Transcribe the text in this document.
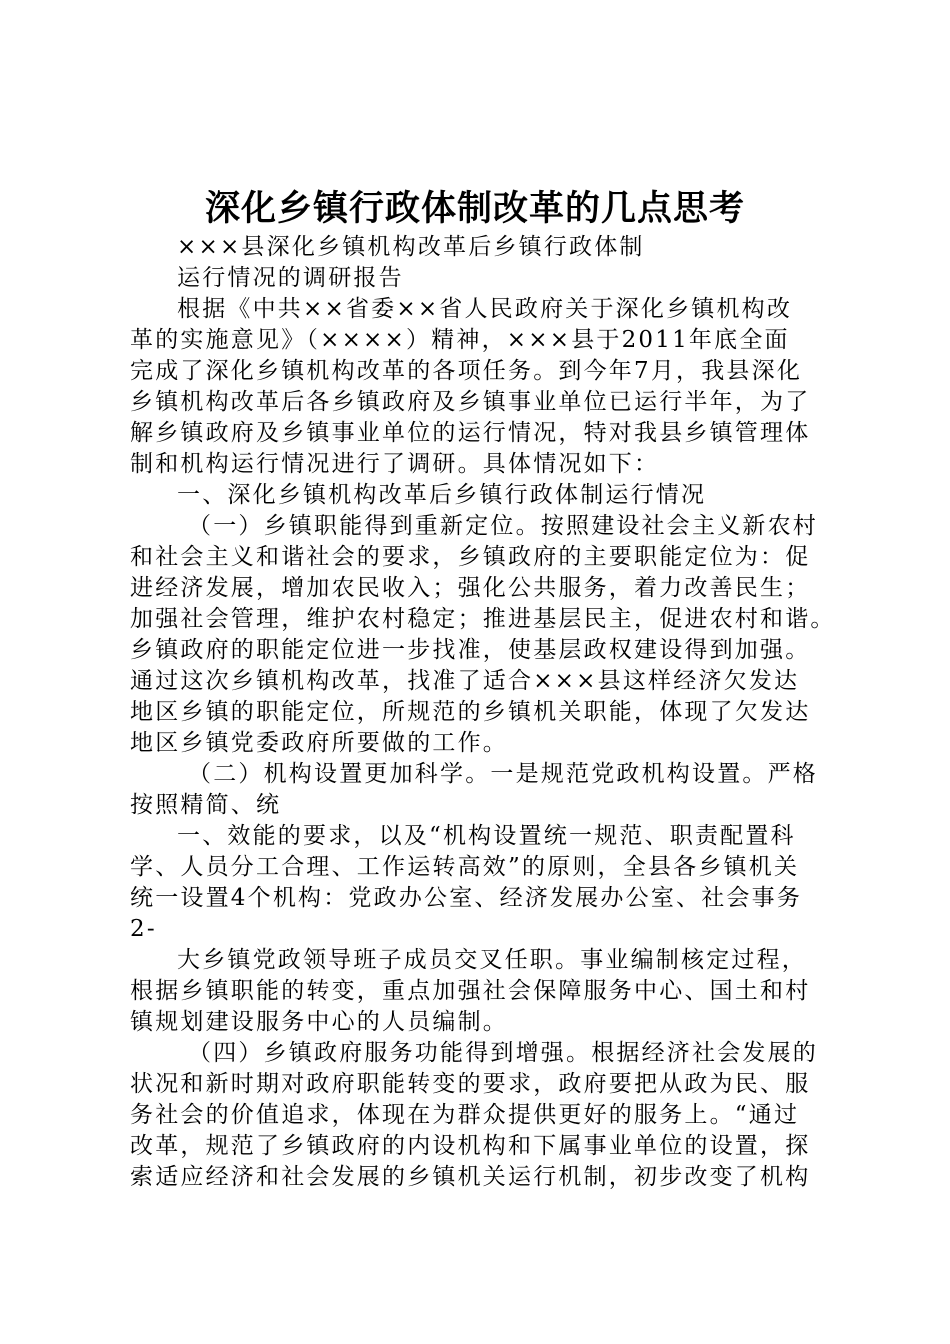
深化乡镇行政体制改革的几点思考
×××县深化乡镇机构改革后乡镇行政体制
运行情况的调研报告
根据《中共××省委××省人民政府关于深化乡镇机构改
革的实施意见》（××××）精神，×××县于2011年底全面
完成了深化乡镇机构改革的各项任务。到今年7月，我县深化
乡镇机构改革后各乡镇政府及乡镇事业单位已运行半年，为了
解乡镇政府及乡镇事业单位的运行情况，特对我县乡镇管理体
制和机构运行情况进行了调研。具体情况如下：
一、深化乡镇机构改革后乡镇行政体制运行情况
（一）乡镇职能得到重新定位。按照建设社会主义新农村
和社会主义和谐社会的要求，乡镇政府的主要职能定位为：促
进经济发展，增加农民收入；强化公共服务，着力改善民生；
加强社会管理，维护农村稳定；推进基层民主，促进农村和谐。
乡镇政府的职能定位进一步找准，使基层政权建设得到加强。
通过这次乡镇机构改革，找准了适合×××县这样经济欠发达
地区乡镇的职能定位，所规范的乡镇机关职能，体现了欠发达
地区乡镇党委政府所要做的工作。
（二）机构设置更加科学。一是规范党政机构设置。严格
按照精简、统
一、效能的要求，以及“机构设置统一规范、职责配置科
学、人员分工合理、工作运转高效”的原则，全县各乡镇机关
统一设置4个机构：党政办公室、经济发展办公室、社会事务
2-
大乡镇党政领导班子成员交叉任职。事业编制核定过程，
根据乡镇职能的转变，重点加强社会保障服务中心、国土和村
镇规划建设服务中心的人员编制。
（四）乡镇政府服务功能得到增强。根据经济社会发展的
状况和新时期对政府职能转变的要求，政府要把从政为民、服
务社会的价值追求，体现在为群众提供更好的服务上。“通过
改革，规范了乡镇政府的内设机构和下属事业单位的设置，探
索适应经济和社会发展的乡镇机关运行机制，初步改变了机构
